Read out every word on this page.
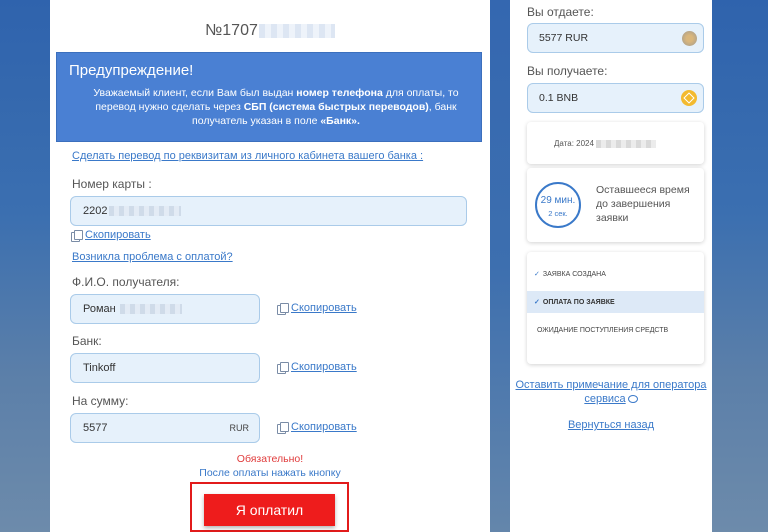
№1707
Предупреждение!

Уважаемый клиент, если Вам был выдан номер телефона для оплаты, то перевод нужно сделать через СБП (система быстрых переводов), банк получатель указан в поле «Банк».

Сделать перевод по реквизитам из личного кабинета вашего банка :
Номер карты :
2202
Скопировать
Возникла проблема с оплатой?
Ф.И.О. получателя:
Роман	Скопировать
Банк:
Tinkoff	Скопировать
На сумму:
5577	RUR	Скопировать
Обязательно!
После оплаты нажать кнопку
Я оплатил
Вы отдаете:
5577 RUR
Вы получаете:
0.1
BNB
Дата: 2024
29 мин.
2 сек.
Оставшееся время до завершения заявки
✓ ЗАЯВКА СОЗДАНА
✓ ОПЛАТА ПО ЗАЯВКЕ
ОЖИДАНИЕ ПОСТУПЛЕНИЯ СРЕДСТВ
Оставить примечание для оператора сервиса
Вернуться назад
